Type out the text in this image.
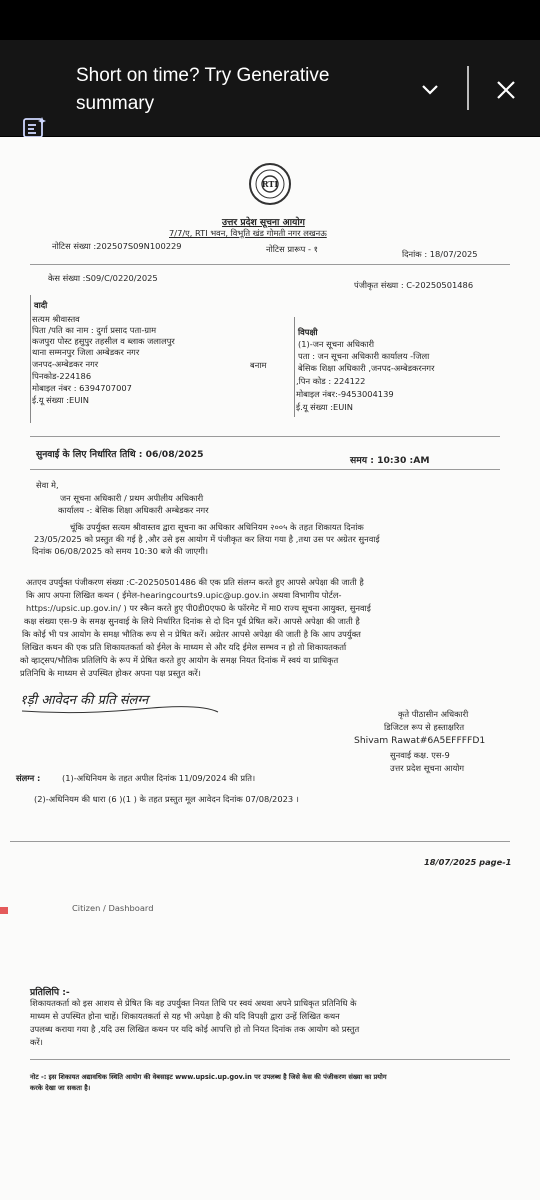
Short on time? Try Generative summary
RTI
उत्तर प्रदेश सूचना आयोग
7/7/ए, RTI भवन, विभूति खंड गोमती नगर लखनऊ
नोटिस संख्या :202507S09N100229	नोटिस प्रारूप - १	दिनांक : 18/07/2025
केस संख्या :S09/C/0220/2025
पंजीकृत संख्या : C-20250501486
वादी
सत्यम श्रीवास्तव
पिता /पति का नाम : दुर्गा प्रसाद पता-ग्राम
कजपुरा पोस्ट हसुपुर तहसील व ब्लाक जलालपुर
थाना सम्मनपुर जिला अम्बेडकर नगर
जनपद-अम्बेडकर नगर
पिनकोड-224186
मोबाइल नंबर : 6394707007
ई.यू संख्या :EUIN
बनाम
विपक्षी
(1)-जन सूचना अधिकारी
पता : जन सूचना अधिकारी कार्यालय -जिला
बेसिक शिक्षा अधिकारी ,जनपद-अम्बेडकरनगर
,पिन कोड : 224122
मोबाइल नंबर:-9453004139
ई.यू संख्या :EUIN
सुनवाई के लिए निर्धारित तिथि : 06/08/2025
समय : 10:30 :AM
सेवा मे,
जन सूचना अधिकारी / प्रथम अपीलीय अधिकारी
कार्यालय -: बेसिक शिक्षा अधिकारी अम्बेडकर नगर
चूंकि उपर्युक्त सत्यम श्रीवास्तव द्वारा सूचना का अधिकार अधिनियम २००५ के तहत शिकायत दिनांक
23/05/2025 को प्रस्तुत की गई है ,और उसे इस आयोग में पंजीकृत कर लिया गया है ,तथा उस पर अग्रेतर सुनवाई
दिनांक 06/08/2025 को समय 10:30 बजे की जाएगी।
अतएव उपर्युक्त पंजीकरण संख्या :C-20250501486 की एक प्रति संलग्न करते हुए आपसे अपेक्षा की जाती है
कि आप अपना लिखित कथन ( ईमेल-hearingcourts9.upic@up.gov.in अथवा विभागीय पोर्टल-
https://upsic.up.gov.in/ ) पर स्कैन करते हुए पी0डी0एफ0 के फॉरमेट में मा0 राज्य सूचना आयुक्त, सुनवाई
कक्ष संख्या एस-9 के समक्ष सुनवाई के लिये निर्धारित दिनांक से दो दिन पूर्व प्रेषित करें। आपसे अपेक्षा की जाती है
कि कोई भी पत्र आयोग के समक्ष भौतिक रूप से न प्रेषित करें। अग्रेतर आपसे अपेक्षा की जाती है कि आप उपर्युक्त
लिखित कथन की एक प्रति शिकायतकर्ता को ईमेल के माध्यम से और यदि ईमेल सम्भव न हो तो शिकायतकर्ता
को व्हाट्सप/भौतिक प्रतिलिपि के रूप में प्रेषित करते हुए आयोग के समक्ष नियत दिनांक में स्वयं या प्राधिकृत
प्रतिनिधि के माध्यम से उपस्थित होकर अपना पक्ष प्रस्तुत करें।
१ड़ी आवेदन की प्रति संलग्न
कृते पीठासीन अधिकारी
डिजिटल रूप से हस्ताक्षरित
Shivam Rawat#6A5EFFFFD1
सुनवाई कक्ष. एस-9
उत्तर प्रदेश सूचना आयोग
संलग्न :	(1)-अधिनियम के तहत अपील दिनांक 11/09/2024 की प्रति।
(2)-अधिनियम की धारा (6 )(1 ) के तहत प्रस्तुत मूल आवेदन दिनांक 07/08/2023 ।
18/07/2025 page-1
Citizen / Dashboard
प्रतिलिपि :-
शिकायतकर्ता को इस आशय से प्रेषित कि वह उपर्युक्त नियत तिथि पर स्वयं अथवा अपने प्राधिकृत प्रतिनिधि के
माध्यम से उपस्थित होना चाहें। शिकायतकर्ता से यह भी अपेक्षा है की यदि विपक्षी द्वारा उन्हें लिखित कथन
उपलब्ध कराया गया है ,यदि उस लिखित कथन पर यदि कोई आपत्ति हो तो नियत दिनांक तक आयोग को प्रस्तुत
करें।
नोट -: इस शिकायत अद्यावधिक स्थिति आयोग की वेबसाइट www.upsic.up.gov.in पर उपलब्ध है जिसे केस की पंजीकरण संख्या का प्रयोग
करके देखा जा सकता है।
